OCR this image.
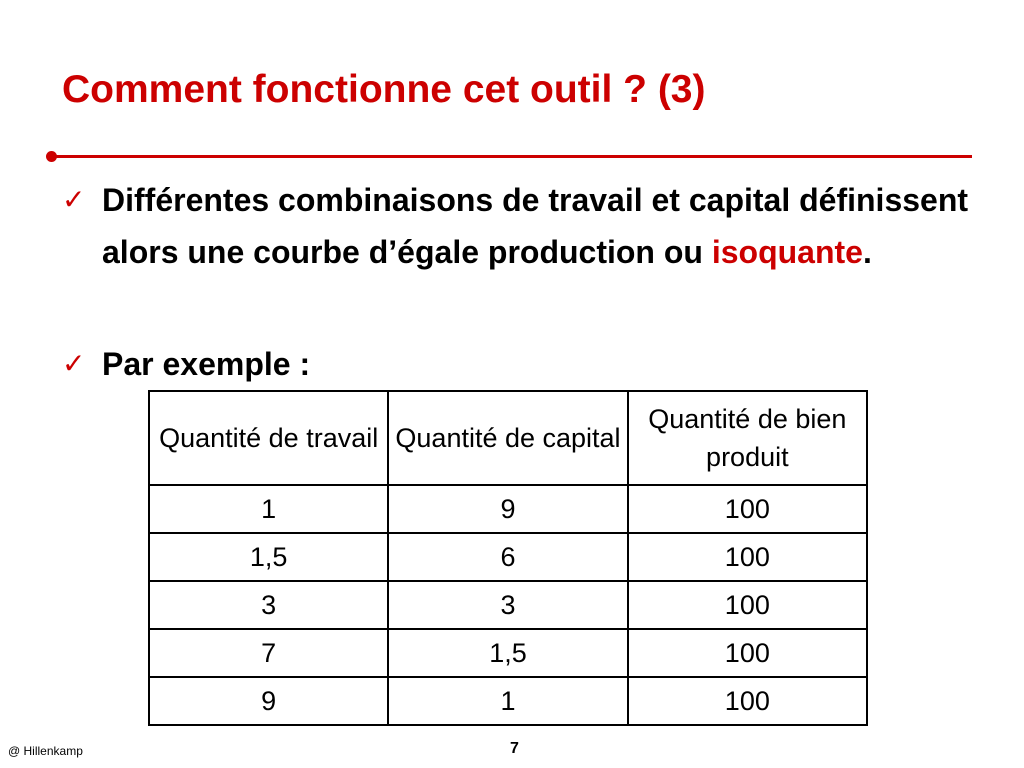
Comment fonctionne cet outil ? (3)
✓ Différentes combinaisons de travail et capital définissent alors une courbe d’égale production ou isoquante.
✓ Par exemple :
Quantité de travail	Quantité de capital	Quantité de bien produit
1	9	100
1,5	6	100
3	3	100
7	1,5	100
9	1	100
@ Hillenkamp	7
